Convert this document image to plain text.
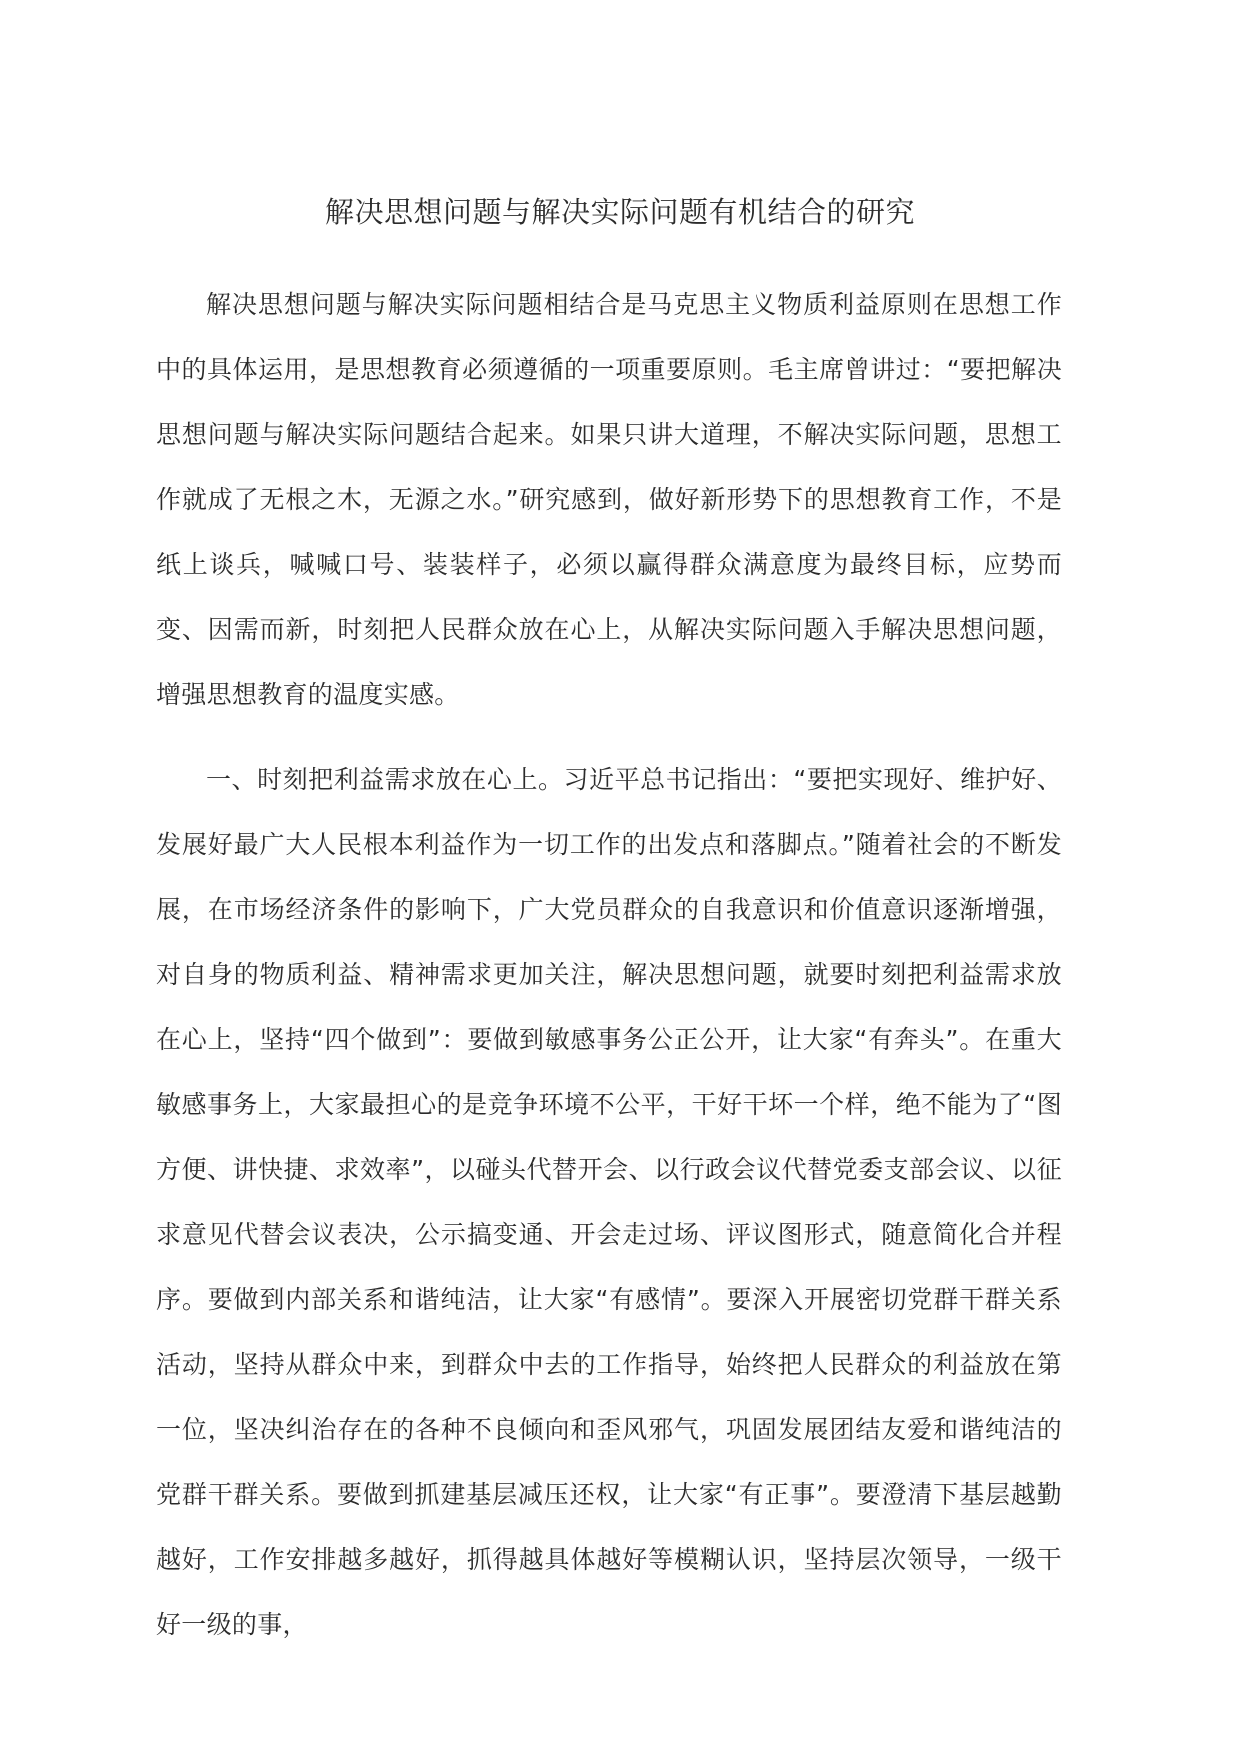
解决思想问题与解决实际问题有机结合的研究

解决思想问题与解决实际问题相结合是马克思主义物质利益原则在思想工作中的具体运用，是思想教育必须遵循的一项重要原则。毛主席曾讲过：“要把解决思想问题与解决实际问题结合起来。如果只讲大道理，不解决实际问题，思想工作就成了无根之木，无源之水。”研究感到，做好新形势下的思想教育工作，不是纸上谈兵，喊喊口号、装装样子，必须以赢得群众满意度为最终目标，应势而变、因需而新，时刻把人民群众放在心上，从解决实际问题入手解决思想问题，增强思想教育的温度实感。

一、时刻把利益需求放在心上。习近平总书记指出：“要把实现好、维护好、发展好最广大人民根本利益作为一切工作的出发点和落脚点。”随着社会的不断发展，在市场经济条件的影响下，广大党员群众的自我意识和价值意识逐渐增强，对自身的物质利益、精神需求更加关注，解决思想问题，就要时刻把利益需求放在心上，坚持“四个做到”：要做到敏感事务公正公开，让大家“有奔头”。在重大敏感事务上，大家最担心的是竞争环境不公平，干好干坏一个样，绝不能为了“图方便、讲快捷、求效率”，以碰头代替开会、以行政会议代替党委支部会议、以征求意见代替会议表决，公示搞变通、开会走过场、评议图形式，随意简化合并程序。要做到内部关系和谐纯洁，让大家“有感情”。要深入开展密切党群干群关系活动，坚持从群众中来，到群众中去的工作指导，始终把人民群众的利益放在第一位，坚决纠治存在的各种不良倾向和歪风邪气，巩固发展团结友爱和谐纯洁的党群干群关系。要做到抓建基层减压还权，让大家“有正事”。要澄清下基层越勤越好，工作安排越多越好，抓得越具体越好等模糊认识，坚持层次领导，一级干好一级的事，
